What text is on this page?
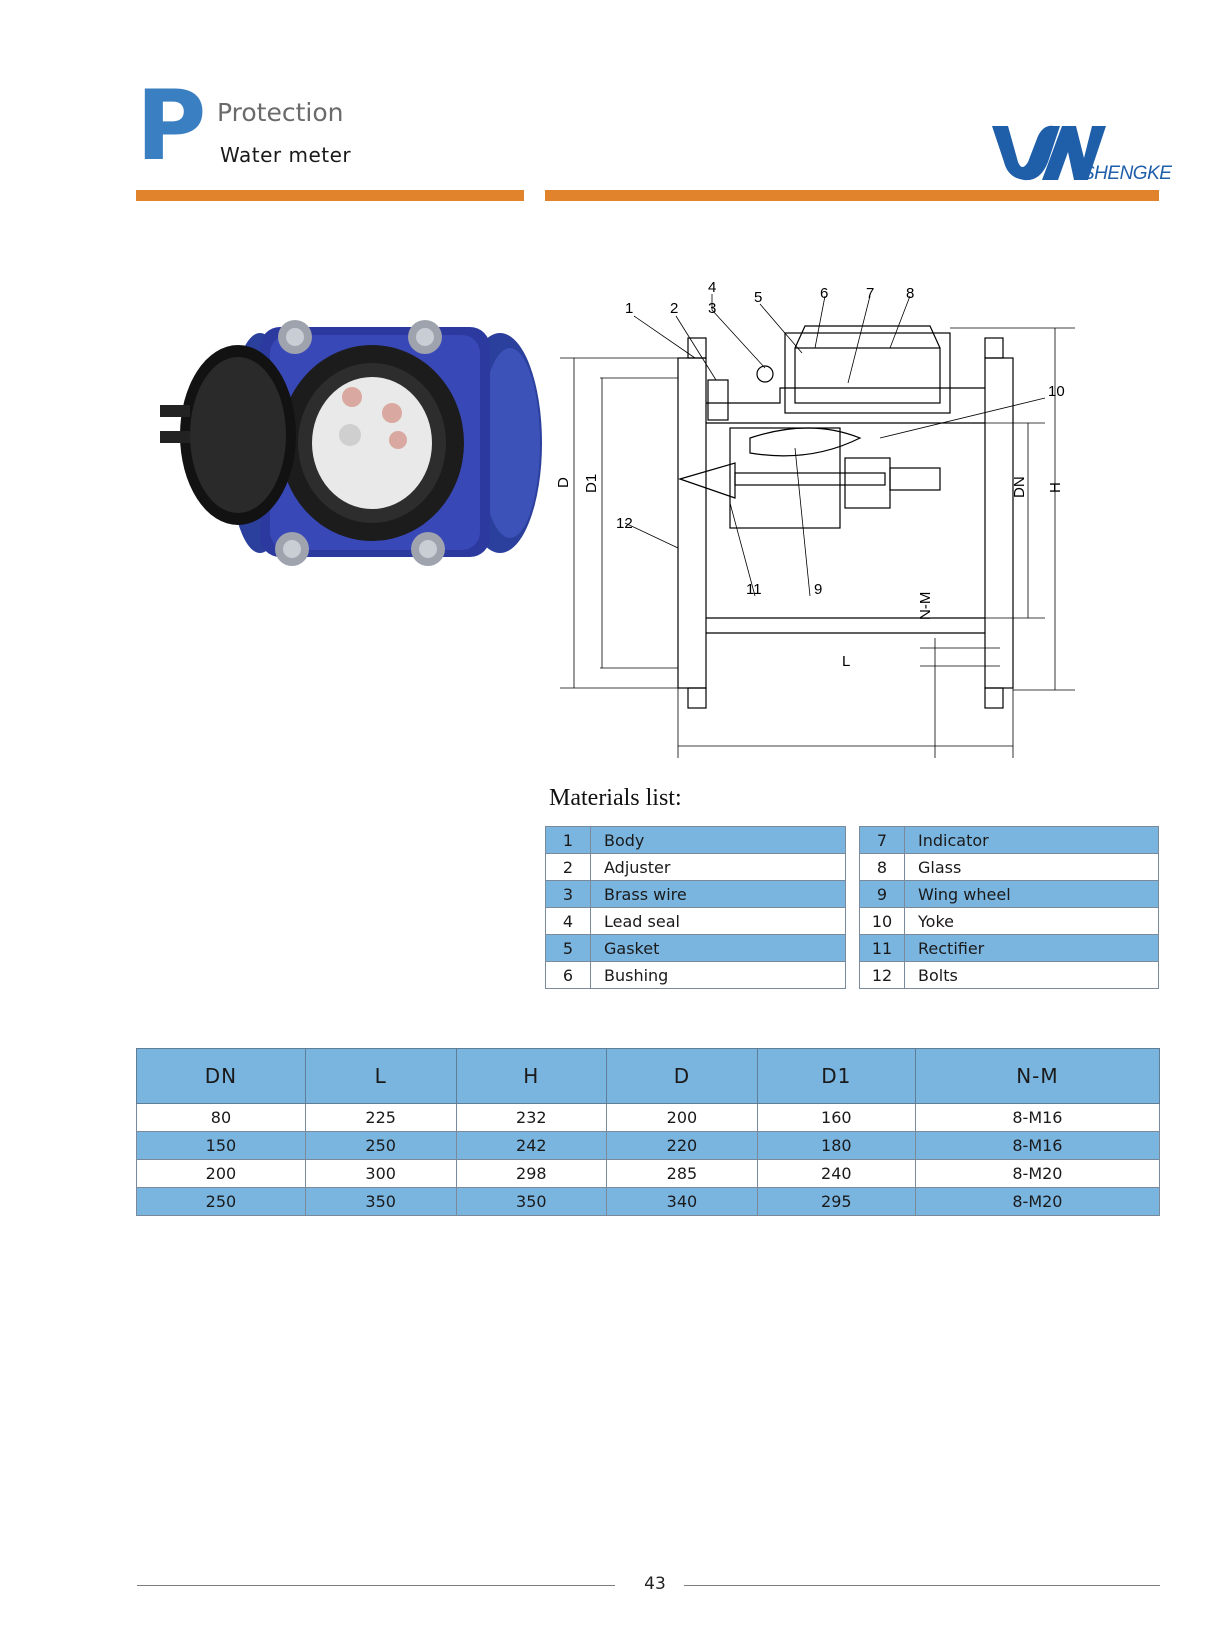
P Protection
Water meter
SHENGKE
1 2 3
4
5	6	7 8
9
10
11
12
D D1	DN H
N-M
L
Materials list:
1	Body
2	Adjuster
3	Brass wire
4	Lead seal
5	Gasket
6	Bushing
7	Indicator
8	Glass
9	Wing wheel
10	Yoke
11	Rectifier
12	Bolts
DN	L	H	D	D1	N-M
80	225	232	200	160	8-M16
150	250	242	220	180	8-M16
200	300	298	285	240	8-M20
250	350	350	340	295	8-M20
43
